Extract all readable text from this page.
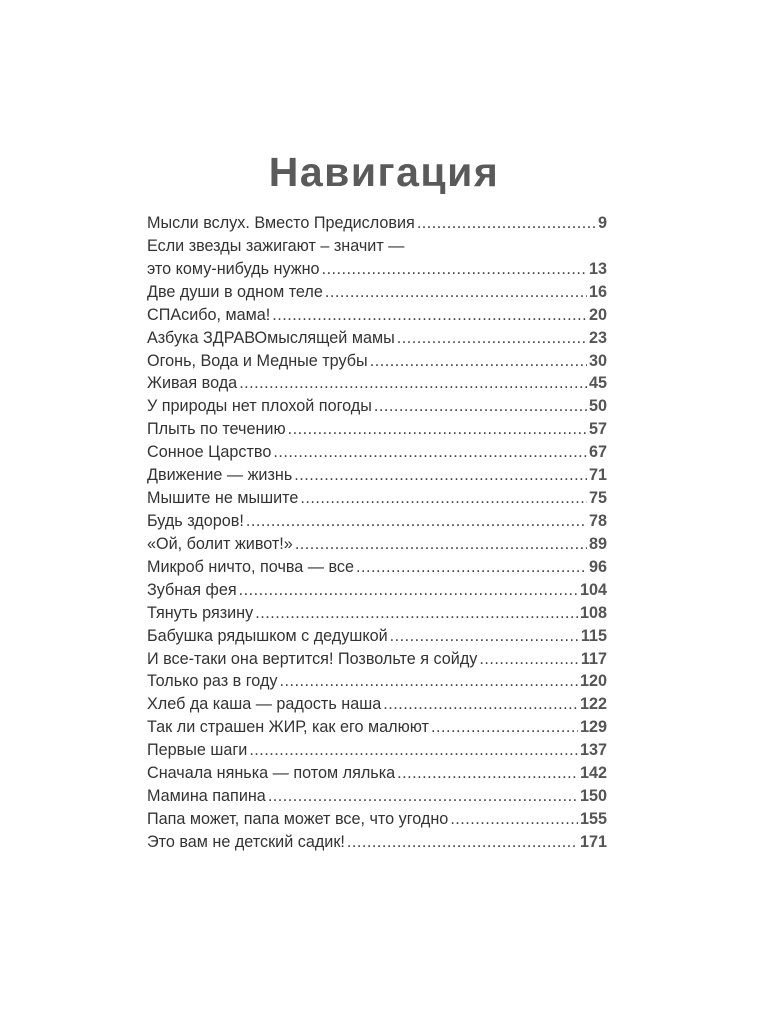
Навигация
Мысли вслух. Вместо Предисловия .....	9
Если звезды зажигают – значит —
это кому-нибудь нужно .....	13
Две души в одном теле .....	16
СПАсибо, мама! .....	20
Азбука ЗДРАВОмыслящей мамы .....	23
Огонь, Вода и Медные трубы .....	30
Живая вода .....	45
У природы нет плохой погоды .....	50
Плыть по течению .....	57
Сонное Царство .....	67
Движение — жизнь .....	71
Мышите не мышите .....	75
Будь здоров! .....	78
«Ой, болит живот!» .....	89
Микроб ничто, почва — все .....	96
Зубная фея .....	104
Тянуть рязину .....	108
Бабушка рядышком с дедушкой .....	115
И все-таки она вертится! Позвольте я сойду .....	117
Только раз в году .....	120
Хлеб да каша — радость наша .....	122
Так ли страшен ЖИР, как его малюют .....	129
Первые шаги .....	137
Сначала нянька — потом лялька .....	142
Мамина папина .....	150
Папа может, папа может все, что угодно .....	155
Это вам не детский садик! .....	171
